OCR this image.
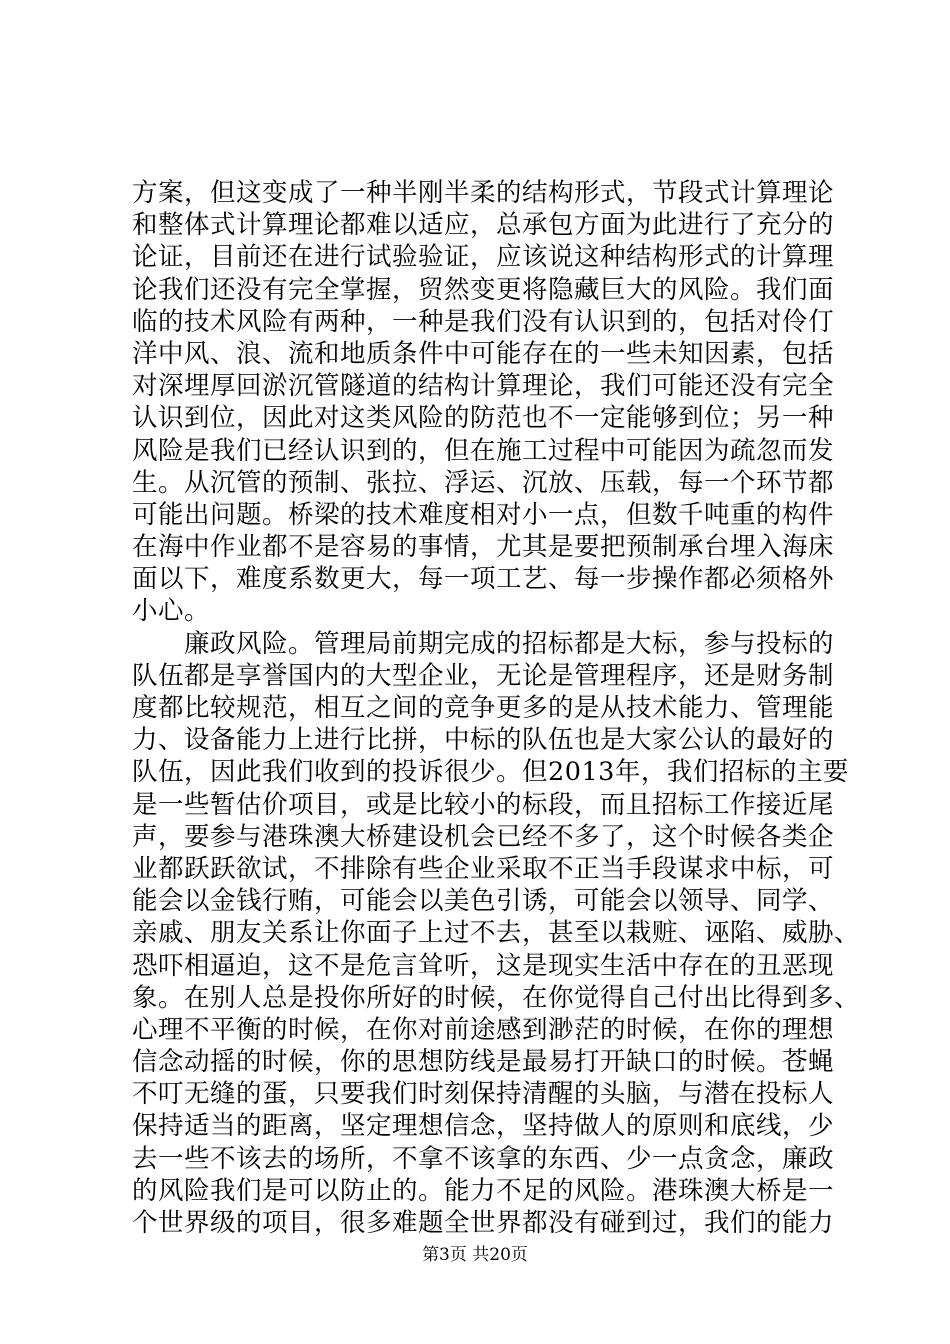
方案，但这变成了一种半刚半柔的结构形式，节段式计算理论
和整体式计算理论都难以适应，总承包方面为此进行了充分的
论证，目前还在进行试验验证，应该说这种结构形式的计算理
论我们还没有完全掌握，贸然变更将隐藏巨大的风险。我们面
临的技术风险有两种，一种是我们没有认识到的，包括对伶仃
洋中风、浪、流和地质条件中可能存在的一些未知因素，包括
对深埋厚回淤沉管隧道的结构计算理论，我们可能还没有完全
认识到位，因此对这类风险的防范也不一定能够到位；另一种
风险是我们已经认识到的，但在施工过程中可能因为疏忽而发
生。从沉管的预制、张拉、浮运、沉放、压载，每一个环节都
可能出问题。桥梁的技术难度相对小一点，但数千吨重的构件
在海中作业都不是容易的事情，尤其是要把预制承台埋入海床
面以下，难度系数更大，每一项工艺、每一步操作都必须格外
小心。
　　廉政风险。管理局前期完成的招标都是大标，参与投标的
队伍都是享誉国内的大型企业，无论是管理程序，还是财务制
度都比较规范，相互之间的竞争更多的是从技术能力、管理能
力、设备能力上进行比拼，中标的队伍也是大家公认的最好的
队伍，因此我们收到的投诉很少。但2013年，我们招标的主要
是一些暂估价项目，或是比较小的标段，而且招标工作接近尾
声，要参与港珠澳大桥建设机会已经不多了，这个时候各类企
业都跃跃欲试，不排除有些企业采取不正当手段谋求中标，可
能会以金钱行贿，可能会以美色引诱，可能会以领导、同学、
亲戚、朋友关系让你面子上过不去，甚至以栽赃、诬陷、威胁、
恐吓相逼迫，这不是危言耸听，这是现实生活中存在的丑恶现
象。在别人总是投你所好的时候，在你觉得自己付出比得到多、
心理不平衡的时候，在你对前途感到渺茫的时候，在你的理想
信念动摇的时候，你的思想防线是最易打开缺口的时候。苍蝇
不叮无缝的蛋，只要我们时刻保持清醒的头脑，与潜在投标人
保持适当的距离，坚定理想信念，坚持做人的原则和底线，少
去一些不该去的场所，不拿不该拿的东西、少一点贪念，廉政
的风险我们是可以防止的。能力不足的风险。港珠澳大桥是一
个世界级的项目，很多难题全世界都没有碰到过，我们的能力
第3页 共20页
